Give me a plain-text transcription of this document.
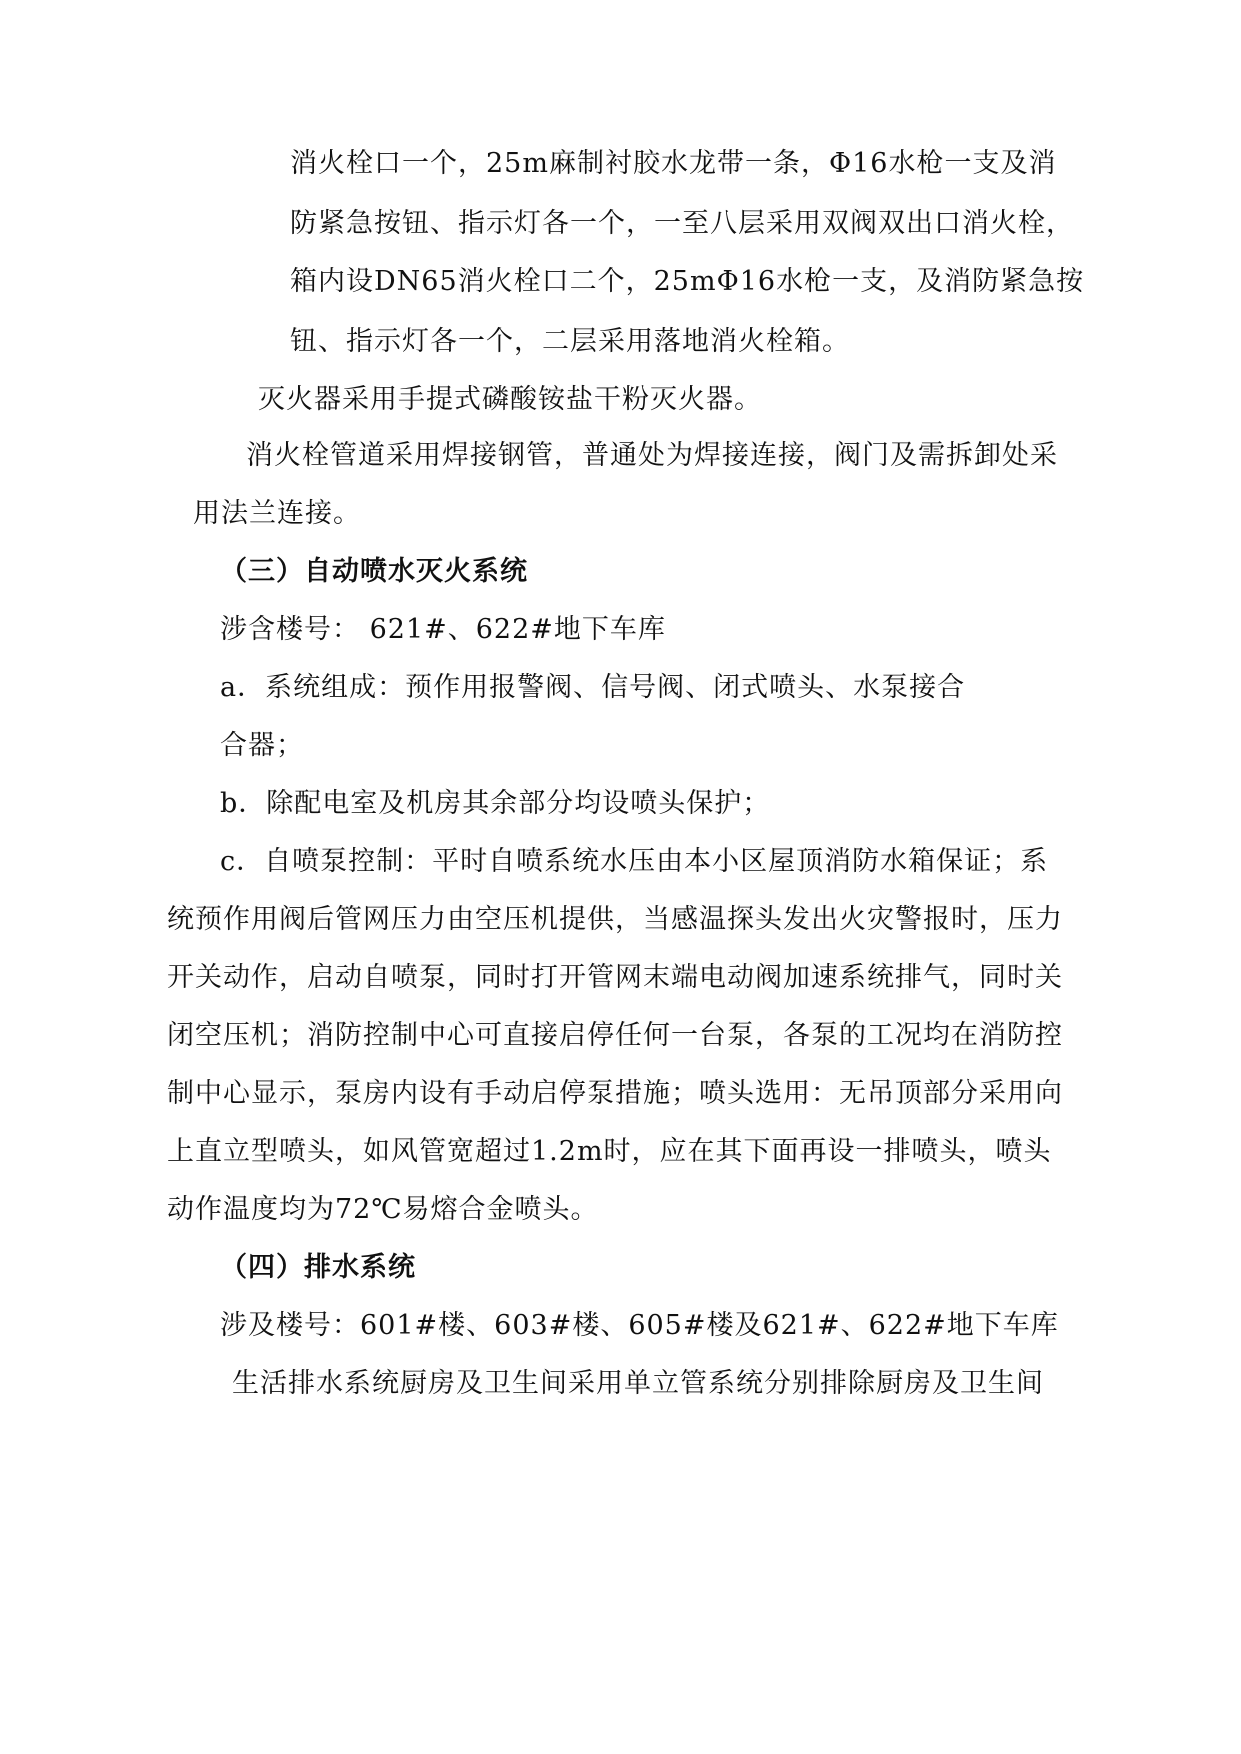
消火栓口一个，25m麻制衬胶水龙带一条，Φ16水枪一支及消
防紧急按钮、指示灯各一个，一至八层采用双阀双出口消火栓，
箱内设DN65消火栓口二个，25mΦ16水枪一支，及消防紧急按
钮、指示灯各一个，二层采用落地消火栓箱。
灭火器采用手提式磷酸铵盐干粉灭火器。
消火栓管道采用焊接钢管，普通处为焊接连接，阀门及需拆卸处采
用法兰连接。
（三）自动喷水灭火系统
涉含楼号： 621#、622#地下车库
a．系统组成：预作用报警阀、信号阀、闭式喷头、水泵接合
合器；
b．除配电室及机房其余部分均设喷头保护；
c．自喷泵控制：平时自喷系统水压由本小区屋顶消防水箱保证；系
统预作用阀后管网压力由空压机提供，当感温探头发出火灾警报时，压力
开关动作，启动自喷泵，同时打开管网末端电动阀加速系统排气，同时关
闭空压机；消防控制中心可直接启停任何一台泵，各泵的工况均在消防控
制中心显示，泵房内设有手动启停泵措施；喷头选用：无吊顶部分采用向
上直立型喷头，如风管宽超过1.2m时，应在其下面再设一排喷头，喷头
动作温度均为72℃易熔合金喷头。
（四）排水系统
涉及楼号：601#楼、603#楼、605#楼及621#、622#地下车库
生活排水系统厨房及卫生间采用单立管系统分别排除厨房及卫生间
